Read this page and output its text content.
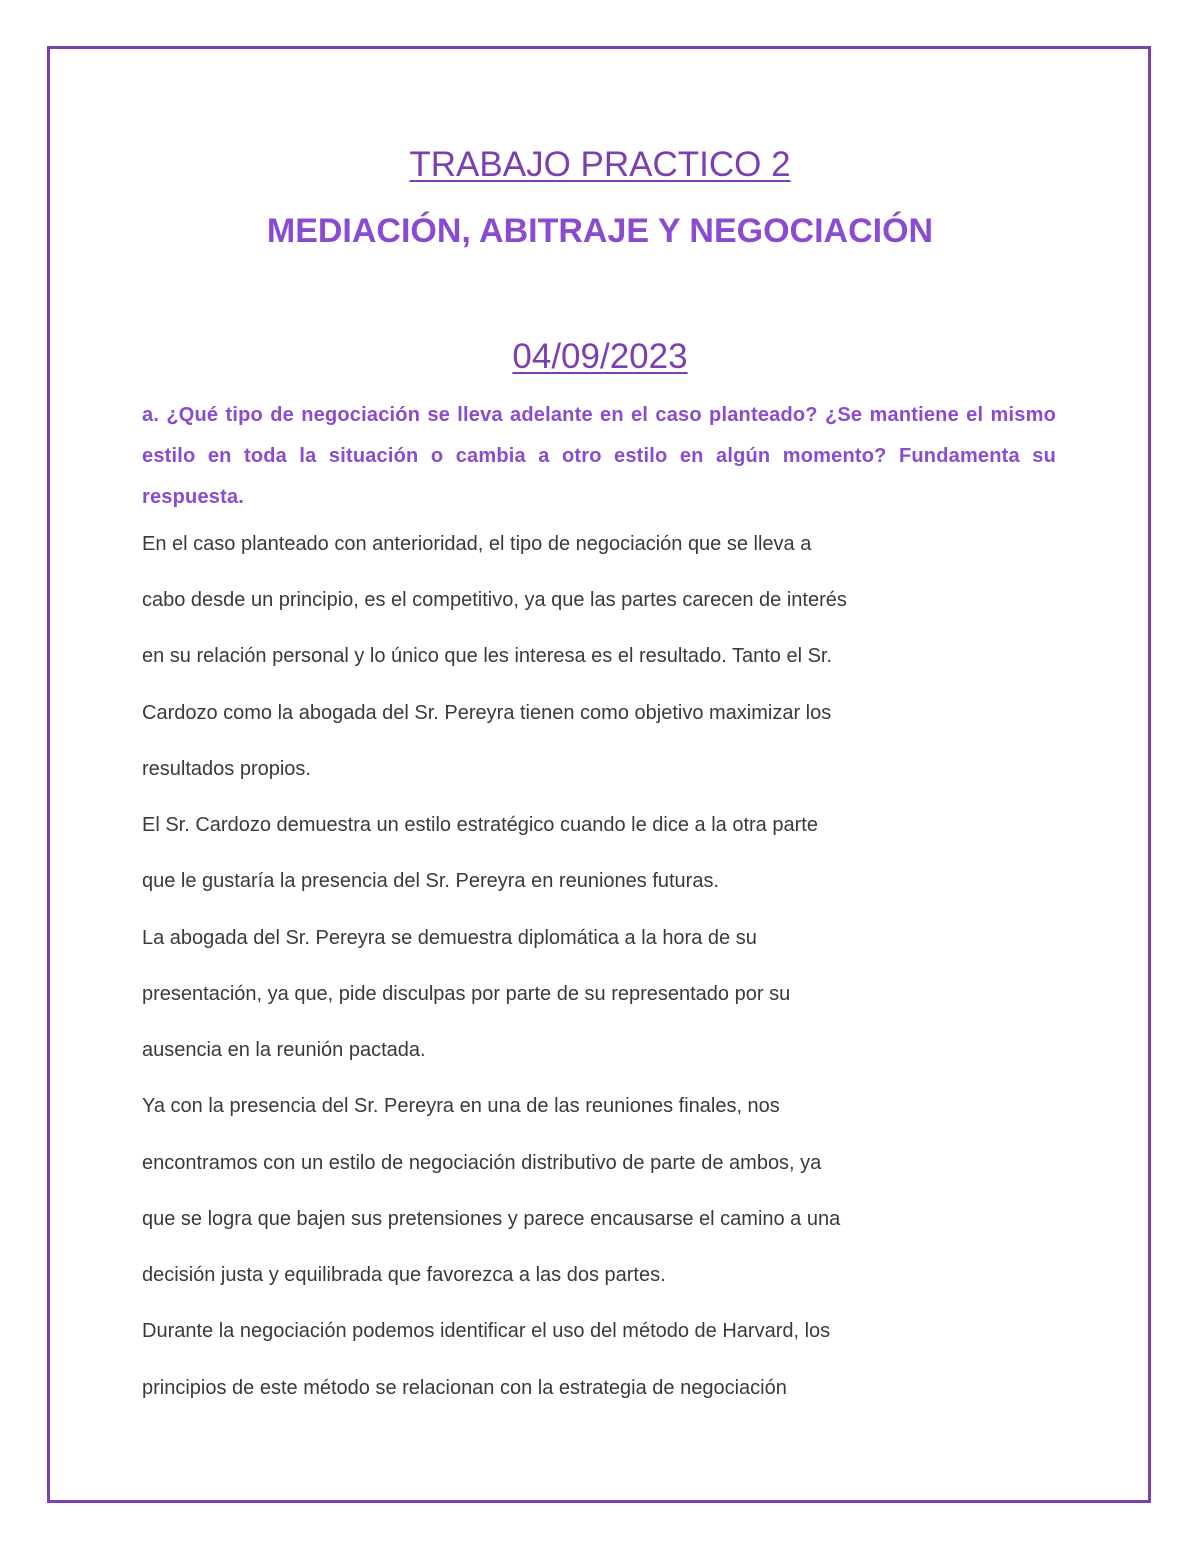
TRABAJO PRACTICO 2
MEDIACIÓN, ABITRAJE Y NEGOCIACIÓN

04/09/2023

a. ¿Qué tipo de negociación se lleva adelante en el caso planteado? ¿Se mantiene el mismo estilo en toda la situación o cambia a otro estilo en algún momento? Fundamenta su respuesta.

En el caso planteado con anterioridad, el tipo de negociación que se lleva a
cabo desde un principio, es el competitivo, ya que las partes carecen de interés
en su relación personal y lo único que les interesa es el resultado. Tanto el Sr.
Cardozo como la abogada del Sr. Pereyra tienen como objetivo maximizar los
resultados propios.
El Sr. Cardozo demuestra un estilo estratégico cuando le dice a la otra parte
que le gustaría la presencia del Sr. Pereyra en reuniones futuras.
La abogada del Sr. Pereyra se demuestra diplomática a la hora de su
presentación, ya que, pide disculpas por parte de su representado por su
ausencia en la reunión pactada.
Ya con la presencia del Sr. Pereyra en una de las reuniones finales, nos
encontramos con un estilo de negociación distributivo de parte de ambos, ya
que se logra que bajen sus pretensiones y parece encausarse el camino a una
decisión justa y equilibrada que favorezca a las dos partes.
Durante la negociación podemos identificar el uso del método de Harvard, los
principios de este método se relacionan con la estrategia de negociación
